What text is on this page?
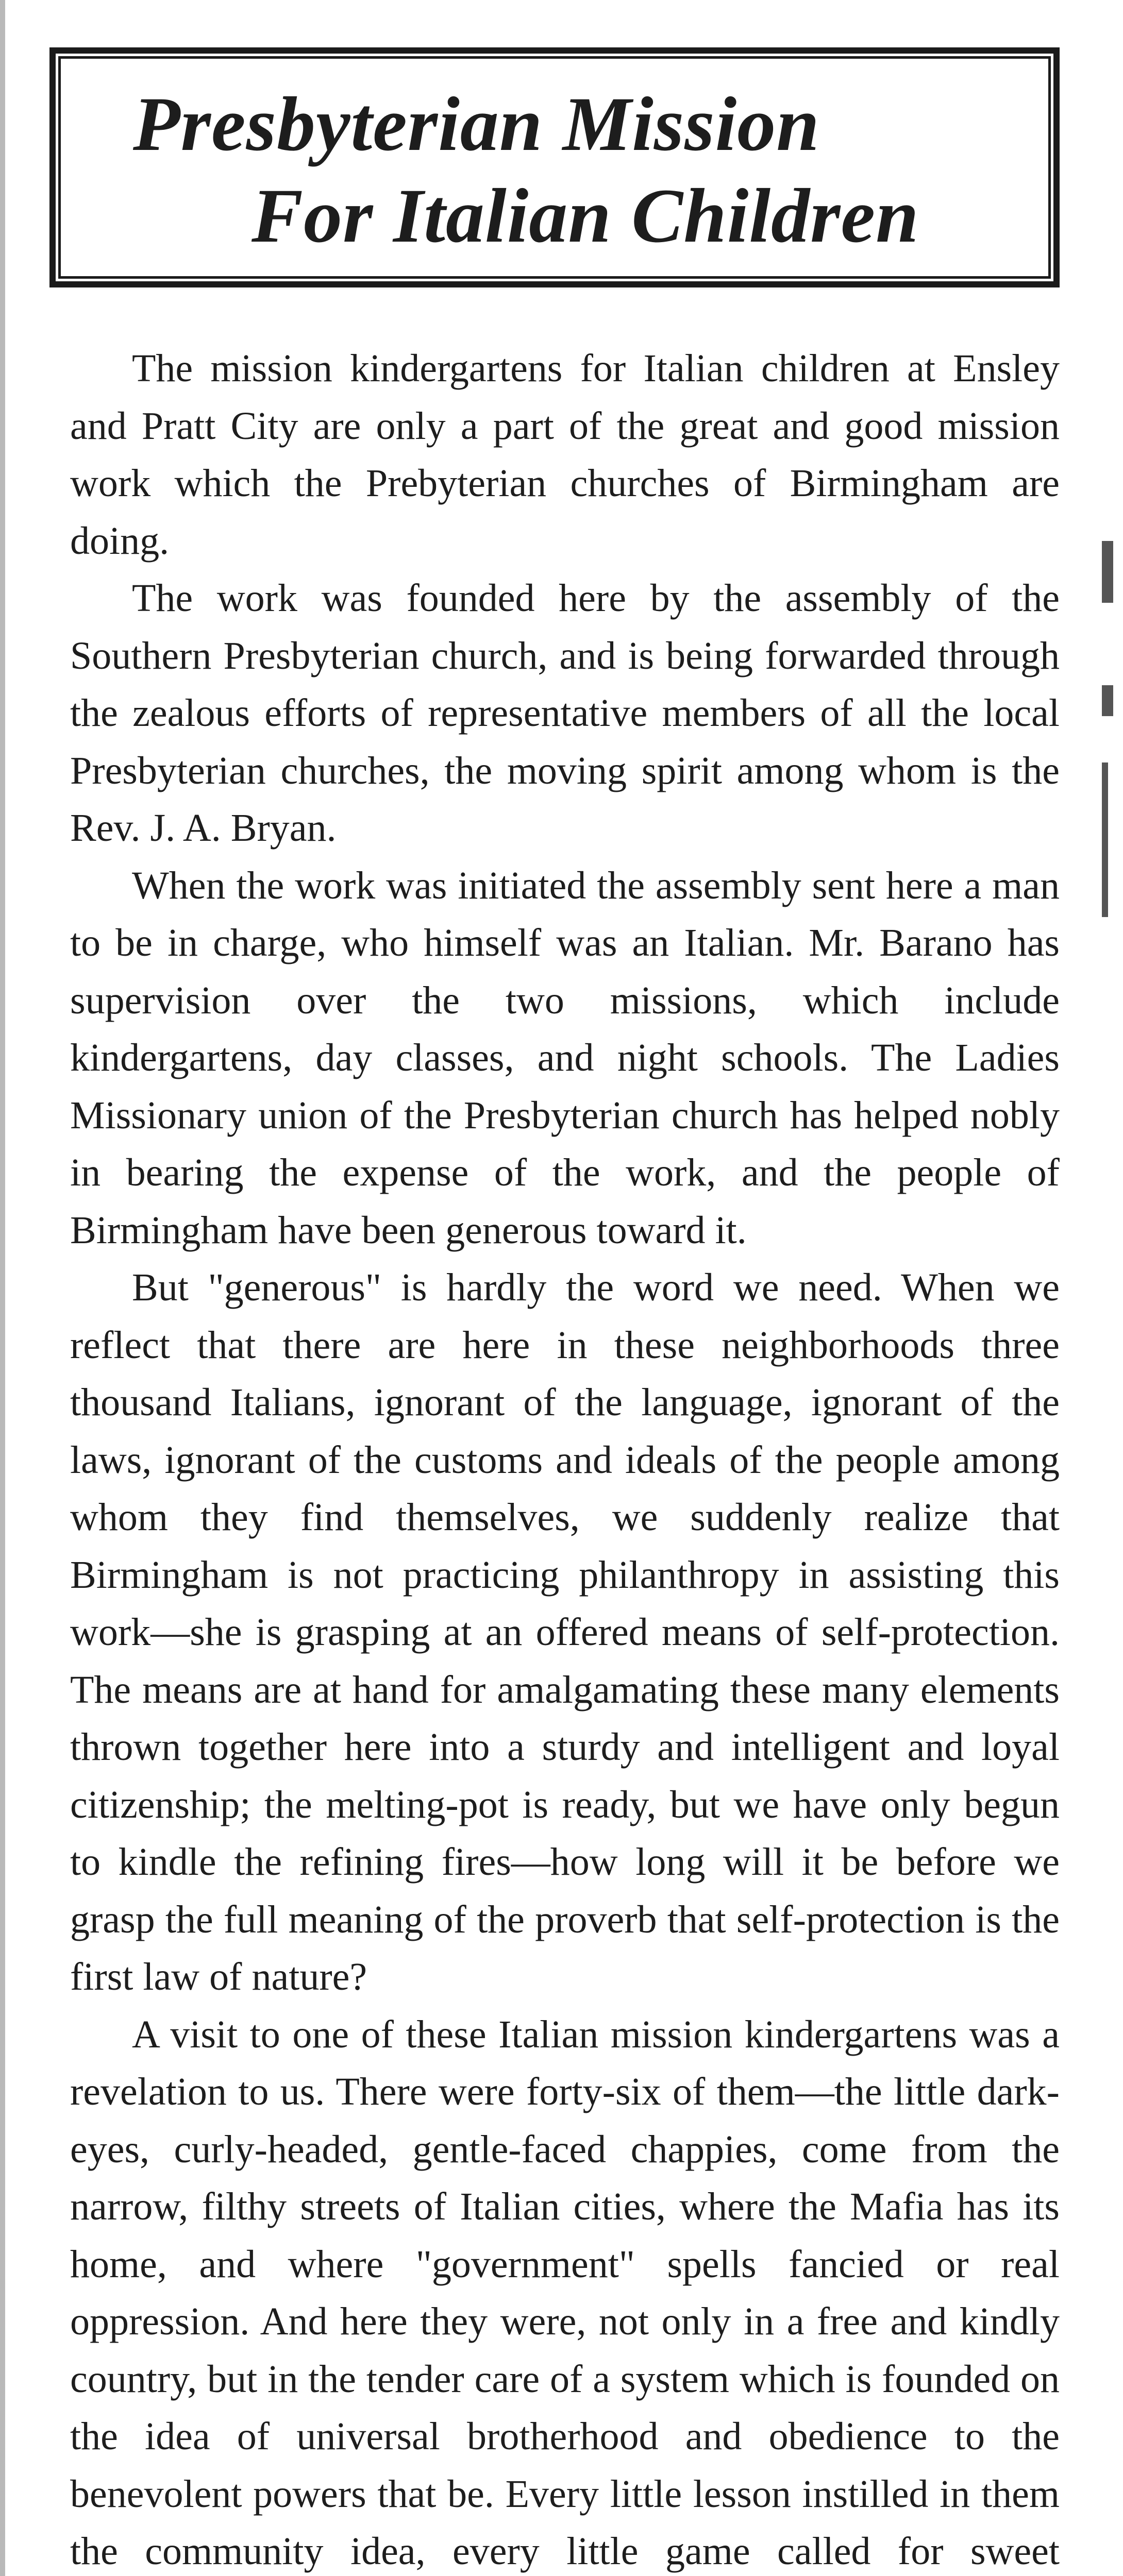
Presbyterian Mission
For Italian Children

The mission kindergartens for Italian children at Ensley and Pratt City are only a part of the great and good mission work which the Prebyterian churches of Birmingham are doing.

The work was founded here by the assembly of the Southern Presbyterian church, and is being forwarded through the zealous efforts of representative members of all the local Presbyterian churches, the moving spirit among whom is the Rev. J. A. Bryan.

When the work was initiated the assembly sent here a man to be in charge, who himself was an Italian. Mr. Barano has supervision over the two missions, which include kindergartens, day classes, and night schools. The Ladies Missionary union of the Presbyterian church has helped nobly in bearing the expense of the work, and the people of Birmingham have been generous toward it.

But "generous" is hardly the word we need. When we reflect that there are here in these neighborhoods three thousand Italians, ignorant of the language, ignorant of the laws, ignorant of the customs and ideals of the people among whom they find themselves, we suddenly realize that Birmingham is not practicing philanthropy in assisting this work—she is grasping at an offered means of self-protection. The means are at hand for amalgamating these many elements thrown together here into a sturdy and intelligent and loyal citizenship; the melting-pot is ready, but we have only begun to kindle the refining fires—how long will it be before we grasp the full meaning of the proverb that self-protection is the first law of nature?

A visit to one of these Italian mission kindergartens was a revelation to us. There were forty-six of them—the little dark-eyes, curly-headed, gentle-faced chappies, come from the narrow, filthy streets of Italian cities, where the Mafia has its home, and where "government" spells fancied or real oppression. And here they were, not only in a free and kindly country, but in the tender care of a system which is founded on the idea of universal brotherhood and obedience to the benevolent powers that be. Every little lesson instilled in them the community idea, every little game called for sweet
